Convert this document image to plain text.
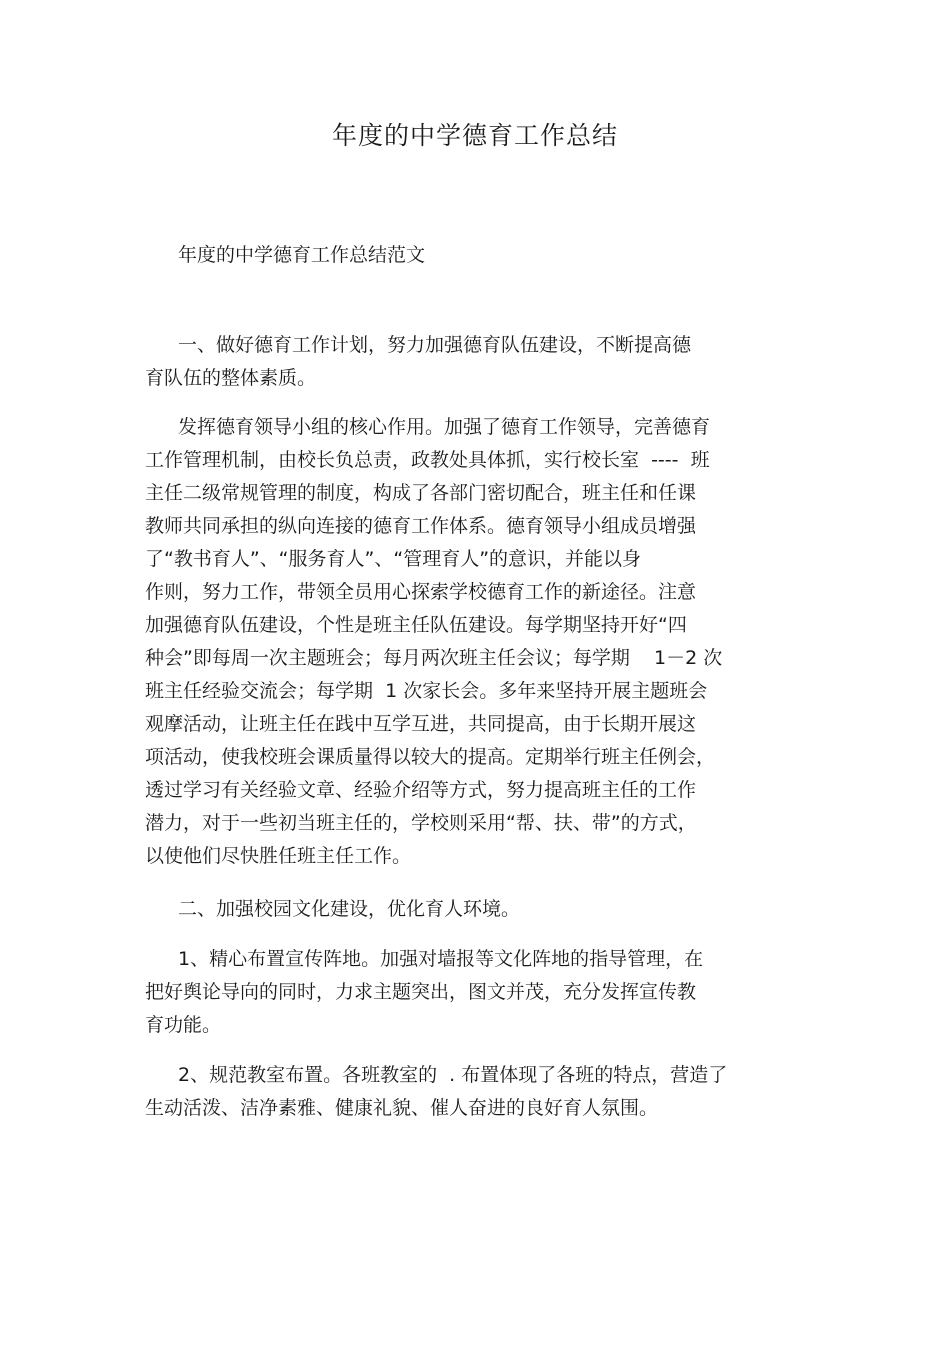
年度的中学德育工作总结
年度的中学德育工作总结范文
一、做好德育工作计划，努力加强德育队伍建设，不断提高德
育队伍的整体素质。
发挥德育领导小组的核心作用。加强了德育工作领导，完善德育
工作管理机制，由校长负总责，政教处具体抓，实行校长室  ----  班
主任二级常规管理的制度，构成了各部门密切配合，班主任和任课
教师共同承担的纵向连接的德育工作体系。德育领导小组成员增强
了“教书育人”、“服务育人”、“管理育人”的意识，并能以身
作则，努力工作，带领全员用心探索学校德育工作的新途径。注意
加强德育队伍建设，个性是班主任队伍建设。每学期坚持开好“四
种会”即每周一次主题班会；每月两次班主任会议；每学期    1－2 次
班主任经验交流会；每学期  1 次家长会。多年来坚持开展主题班会
观摩活动，让班主任在践中互学互进，共同提高，由于长期开展这
项活动，使我校班会课质量得以较大的提高。定期举行班主任例会，
透过学习有关经验文章、经验介绍等方式，努力提高班主任的工作
潜力，对于一些初当班主任的，学校则采用“帮、扶、带”的方式，
以使他们尽快胜任班主任工作。
二、加强校园文化建设，优化育人环境。
1、精心布置宣传阵地。加强对墙报等文化阵地的指导管理，在
把好舆论导向的同时，力求主题突出，图文并茂，充分发挥宣传教
育功能。
2、规范教室布置。各班教室的  . 布置体现了各班的特点，营造了
生动活泼、洁净素雅、健康礼貌、催人奋进的良好育人氛围。
